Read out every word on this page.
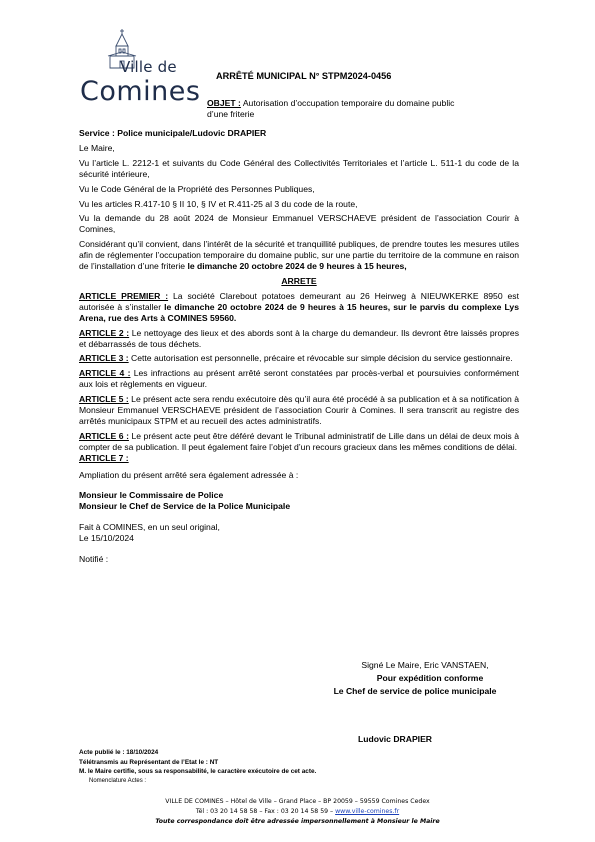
Ville de
Comines ARRÊTÉ MUNICIPAL N° STPM2024-0456
OBJET : Autorisation d’occupation temporaire du domaine public d’une friterie

Service : Police municipale/Ludovic DRAPIER

Le Maire,

Vu l’article L. 2212-1 et suivants du Code Général des Collectivités Territoriales et l’article L. 511-1 du code de la sécurité intérieure,

Vu le Code Général de la Propriété des Personnes Publiques,

Vu les articles R.417-10 § II 10, § IV et R.411-25 al 3 du code de la route,

Vu la demande du 28 août 2024 de Monsieur Emmanuel VERSCHAEVE président de l’association Courir à Comines,

Considérant qu’il convient, dans l’intérêt de la sécurité et tranquillité publiques, de prendre toutes les mesures utiles afin de réglementer l’occupation temporaire du domaine public, sur une partie du territoire de la commune en raison de l’installation d’une friterie le dimanche 20 octobre 2024 de 9 heures à 15 heures,

ARRETE

ARTICLE PREMIER : La société Clarebout potatoes demeurant au 26 Heirweg à NIEUWKERKE 8950 est autorisée à s’installer le dimanche 20 octobre 2024 de 9 heures à 15 heures, sur le parvis du complexe Lys Arena, rue des Arts à COMINES 59560.

ARTICLE 2 : Le nettoyage des lieux et des abords sont à la charge du demandeur. Ils devront être laissés propres et débarrassés de tous déchets.

ARTICLE 3 : Cette autorisation est personnelle, précaire et révocable sur simple décision du service gestionnaire.

ARTICLE 4 : Les infractions au présent arrêté seront constatées par procès-verbal et poursuivies conformément aux lois et règlements en vigueur.

ARTICLE 5 : Le présent acte sera rendu exécutoire dès qu’il aura été procédé à sa publication et à sa notification à Monsieur Emmanuel VERSCHAEVE président de l’association Courir à Comines. Il sera transcrit au registre des arrêtés municipaux STPM et au recueil des actes administratifs.

ARTICLE 6 : Le présent acte peut être déféré devant le Tribunal administratif de Lille dans un délai de deux mois à compter de sa publication. Il peut également faire l’objet d’un recours gracieux dans les mêmes conditions de délai.

ARTICLE 7 :

Ampliation du présent arrêté sera également adressée à :

Monsieur le Commissaire de Police

Monsieur le Chef de Service de la Police Municipale

Fait à COMINES, en un seul original,

Le 15/10/2024

Notifié :

Signé Le Maire, Eric VANSTAEN,
Pour expédition conforme
Le Chef de service de police municipale
Ludovic DRAPIER
Acte publié le : 18/10/2024
Télétransmis au Représentant de l’Etat le : NT
M. le Maire certifie, sous sa responsabilité, le caractère exécutoire de cet acte.
Nomenclature Actes :
VILLE DE COMINES – Hôtel de Ville – Grand Place – BP 20059 – 59559 Comines Cedex
Tél : 03 20 14 58 58 – Fax : 03 20 14 58 59 – www.ville-comines.fr
Toute correspondance doit être adressée impersonnellement à Monsieur le Maire
